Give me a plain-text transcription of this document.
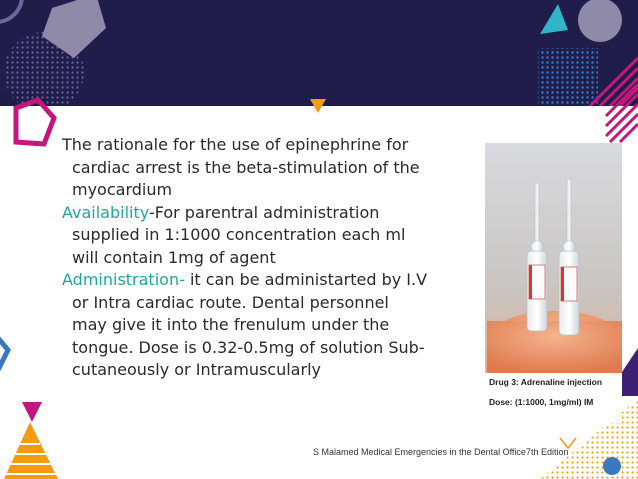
The rationale for the use of epinephrine for
cardiac arrest is the beta-stimulation of the
myocardium
Availability-For parentral administration
supplied in 1:1000 concentration each ml
will contain 1mg of agent
Administration- it can be administarted by I.V
or Intra cardiac route. Dental personnel
may give it into the frenulum under the
tongue. Dose is 0.32-0.5mg of solution Sub-
cutaneously or Intramuscularly
Drug 3: Adrenaline injection
Dose: (1:1000, 1mg/ml) IM
S Malamed Medical Emergencies in the Dental Office7th Edition
